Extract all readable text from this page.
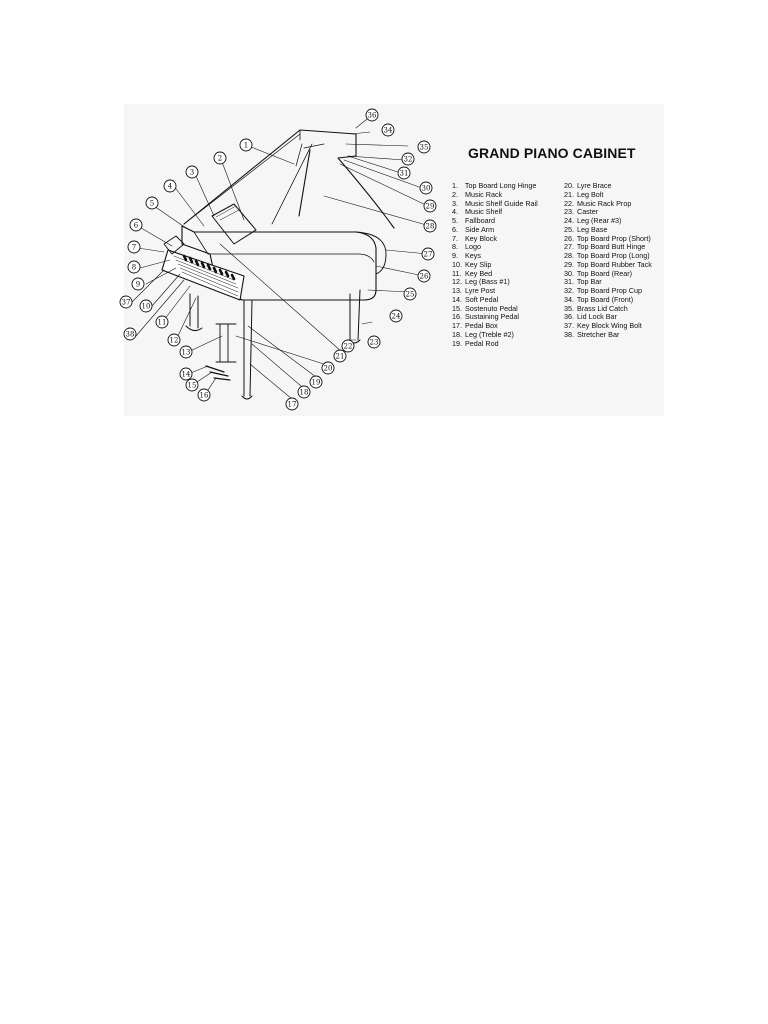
36
34
35
32
31
30
29
1
2
3
4
5
6
7
8
9
37 10
38
11
12
13
14
15
16
17
18
19
20
21
22 23
24
25
26
27
28
GRAND PIANO CABINET
1. Top Board Long Hinge
2. Music Rack
3. Music Shelf Guide Rail
4. Music Shelf
5. Fallboard
6. Side Arm
7. Key Block
8. Logo
9. Keys
10. Key Slip
11. Key Bed
12. Leg (Bass #1)
13. Lyre Post
14. Soft Pedal
15. Sostenuto Pedal
16. Sustaining Pedal
17. Pedal Box
18. Leg (Treble #2)
19. Pedal Rod
20. Lyre Brace
21. Leg Bolt
22. Music Rack Prop
23. Caster
24. Leg (Rear #3)
25. Leg Base
26. Top Board Prop (Short)
27. Top Board Butt Hinge
28. Top Board Prop (Long)
29. Top Board Rubber Tack
30. Top Board (Rear)
31. Top Bar
32. Top Board Prop Cup
34. Top Board (Front)
35. Brass Lid Catch
36. Lid Lock Bar
37. Key Block Wing Bolt
38. Stretcher Bar
